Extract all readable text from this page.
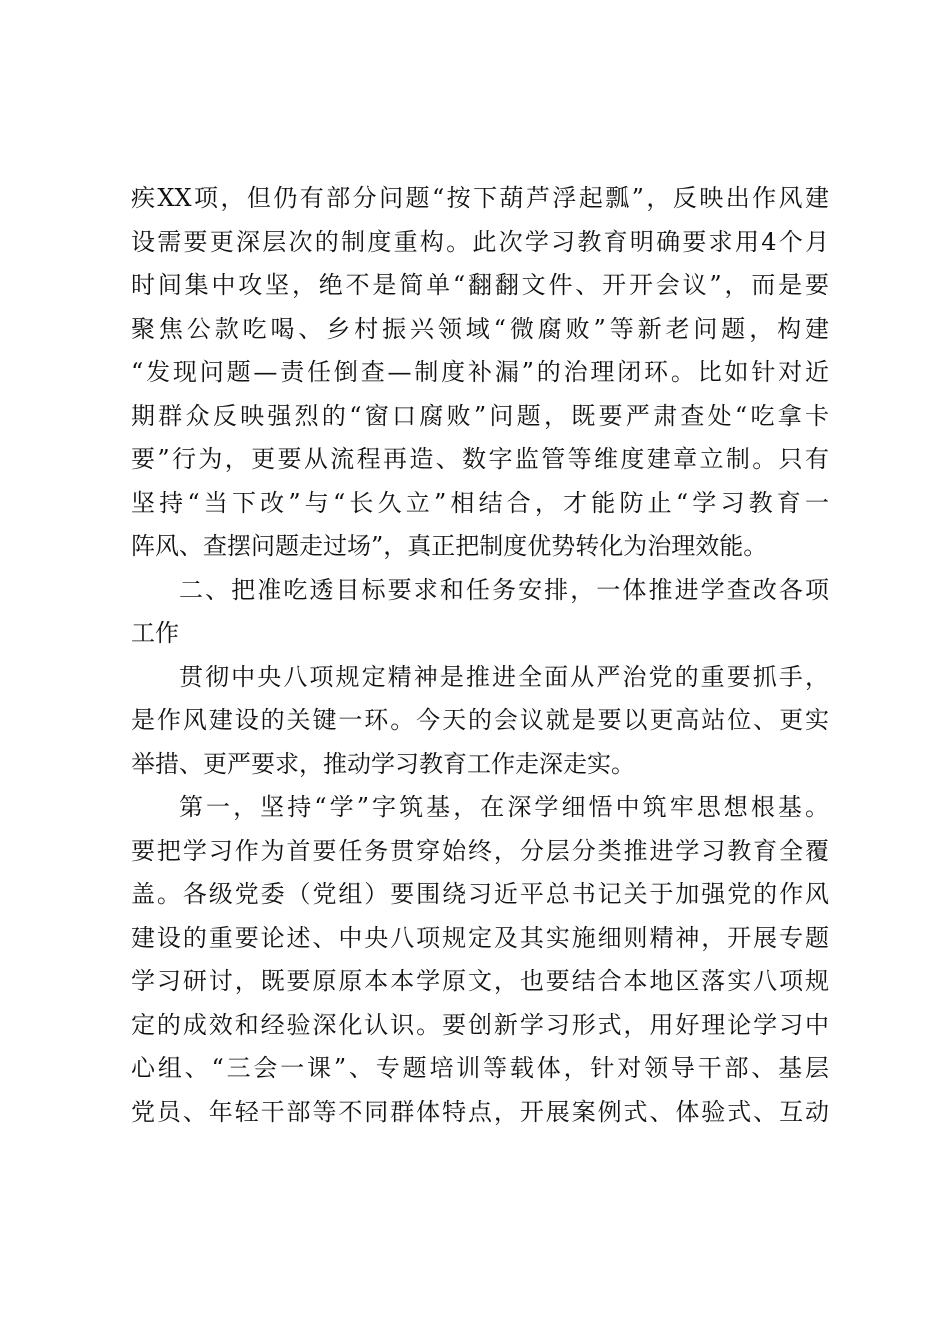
疾XX项，但仍有部分问题“按下葫芦浮起瓢”，反映出作风建
设需要更深层次的制度重构。此次学习教育明确要求用4个月
时间集中攻坚，绝不是简单“翻翻文件、开开会议”，而是要
聚焦公款吃喝、乡村振兴领域“微腐败”等新老问题，构建
“发现问题—责任倒查—制度补漏”的治理闭环。比如针对近
期群众反映强烈的“窗口腐败”问题，既要严肃查处“吃拿卡
要”行为，更要从流程再造、数字监管等维度建章立制。只有
坚持“当下改”与“长久立”相结合，才能防止“学习教育一
阵风、查摆问题走过场”，真正把制度优势转化为治理效能。
二、把准吃透目标要求和任务安排，一体推进学查改各项
工作
贯彻中央八项规定精神是推进全面从严治党的重要抓手，
是作风建设的关键一环。今天的会议就是要以更高站位、更实
举措、更严要求，推动学习教育工作走深走实。
第一，坚持“学”字筑基，在深学细悟中筑牢思想根基。
要把学习作为首要任务贯穿始终，分层分类推进学习教育全覆
盖。各级党委（党组）要围绕习近平总书记关于加强党的作风
建设的重要论述、中央八项规定及其实施细则精神，开展专题
学习研讨，既要原原本本学原文，也要结合本地区落实八项规
定的成效和经验深化认识。要创新学习形式，用好理论学习中
心组、“三会一课”、专题培训等载体，针对领导干部、基层
党员、年轻干部等不同群体特点，开展案例式、体验式、互动
